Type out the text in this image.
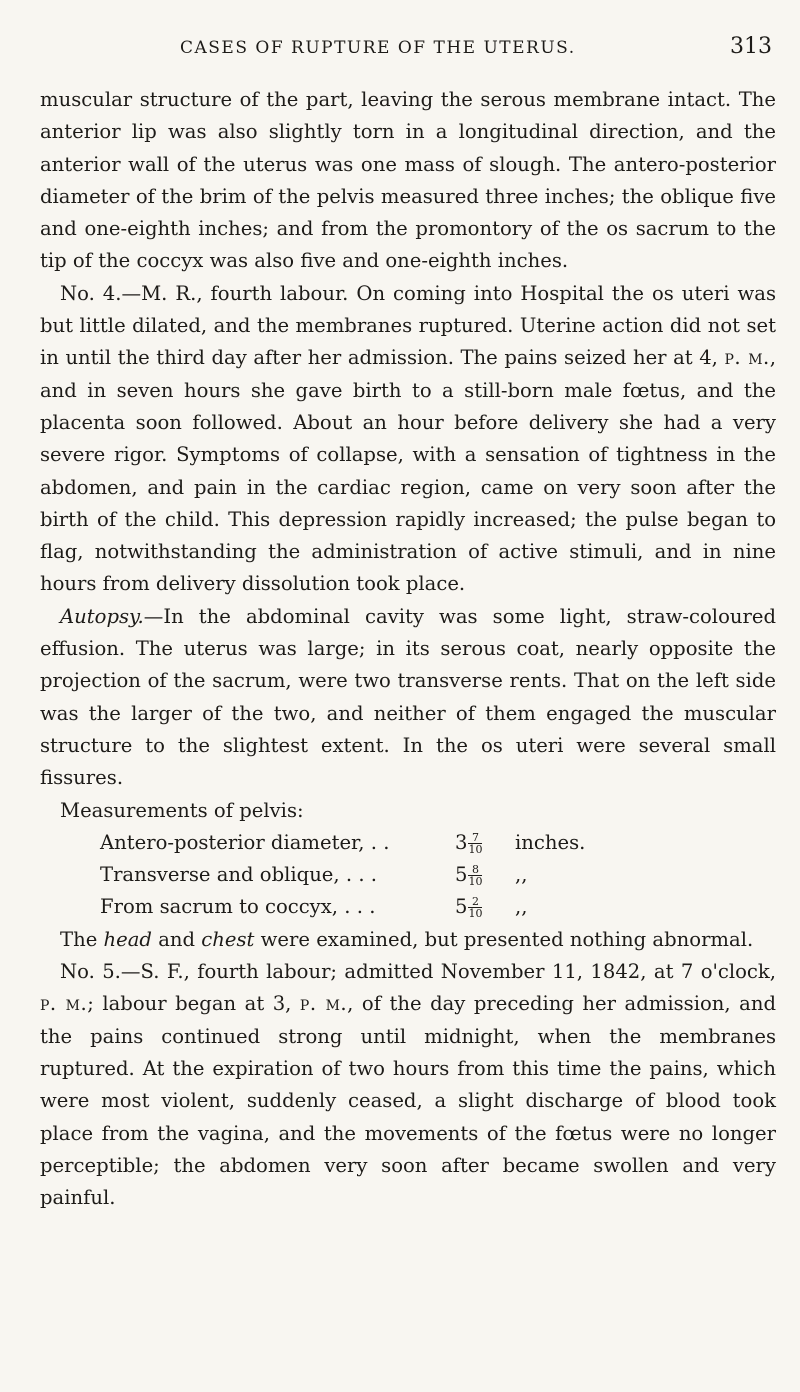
CASES OF RUPTURE OF THE UTERUS.	313

muscular structure of the part, leaving the serous membrane intact. The anterior lip was also slightly torn in a longitudinal direction, and the anterior wall of the uterus was one mass of slough. The antero-posterior diameter of the brim of the pelvis measured three inches; the oblique five and one-eighth inches; and from the promontory of the os sacrum to the tip of the coccyx was also five and one-eighth inches.

No. 4.—M. R., fourth labour. On coming into Hospital the os uteri was but little dilated, and the membranes ruptured. Uterine action did not set in until the third day after her admission. The pains seized her at 4, p. m., and in seven hours she gave birth to a still-born male fœtus, and the placenta soon followed. About an hour before delivery she had a very severe rigor. Symptoms of collapse, with a sensation of tightness in the abdomen, and pain in the cardiac region, came on very soon after the birth of the child. This depression rapidly increased; the pulse began to flag, notwithstanding the administration of active stimuli, and in nine hours from delivery dissolution took place.

Autopsy.—In the abdominal cavity was some light, straw-coloured effusion. The uterus was large; in its serous coat, nearly opposite the projection of the sacrum, were two transverse rents. That on the left side was the larger of the two, and neither of them engaged the muscular structure to the slightest extent. In the os uteri were several small fissures.

Measurements of pelvis:

Antero-posterior diameter, . .	$3 \frac{7}{10}$ inches.
Transverse and oblique, . . .	$5 \frac{8}{10}$ ,,
From sacrum to coccyx, . . .	$5 \frac{2}{10}$ ,,

The head and chest were examined, but presented nothing abnormal.

No. 5.—S. F., fourth labour; admitted November 11, 1842, at 7 o'clock, p. m.; labour began at 3, p. m., of the day preceding her admission, and the pains continued strong until midnight, when the membranes ruptured. At the expiration of two hours from this time the pains, which were most violent, suddenly ceased, a slight discharge of blood took place from the vagina, and the movements of the fœtus were no longer perceptible; the abdomen very soon after became swollen and very painful.
